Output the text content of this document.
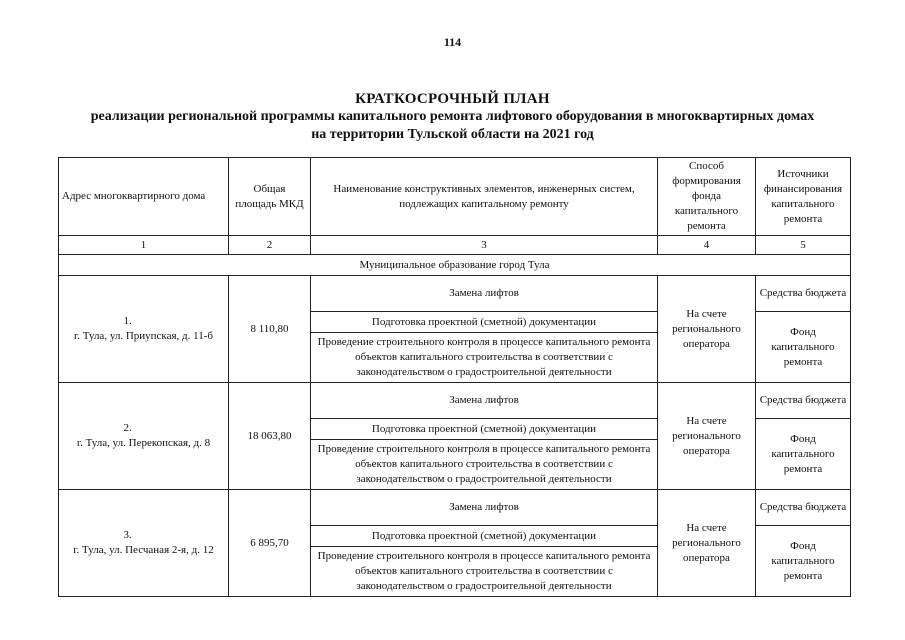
114
КРАТКОСРОЧНЫЙ ПЛАН
реализации региональной программы капитального ремонта лифтового оборудования в многоквартирных домах
на территории Тульской области на 2021 год
Адрес многоквартирного дома	Общая площадь МКД	Наименование конструктивных элементов, инженерных систем, подлежащих капитальному ремонту	Способ формирования фонда капитального ремонта	Источники финансирования капитального ремонта
1	2	3	4	5
Муниципальное образование город Тула				
1.г. Тула, ул. Приупская, д. 11-б	8 110,80	Замена лифтов	На счете регионального оператора	Средства бюджета
		Подготовка проектной (сметной) документации		Фонд капитального ремонта
		Проведение строительного контроля в процессе капитального ремонта объектов капитального строительства в соответствии с законодательством о градостроительной деятельности		
2.г. Тула, ул. Перекопская, д. 8	18 063,80	Замена лифтов	На счете регионального оператора	Средства бюджета
		Подготовка проектной (сметной) документации		Фонд капитального ремонта
		Проведение строительного контроля в процессе капитального ремонта объектов капитального строительства в соответствии с законодательством о градостроительной деятельности		
3.г. Тула, ул. Песчаная 2-я, д. 12	6 895,70	Замена лифтов	На счете регионального оператора	Средства бюджета
		Подготовка проектной (сметной) документации		Фонд капитального ремонта
		Проведение строительного контроля в процессе капитального ремонта объектов капитального строительства в соответствии с законодательством о градостроительной деятельности		
